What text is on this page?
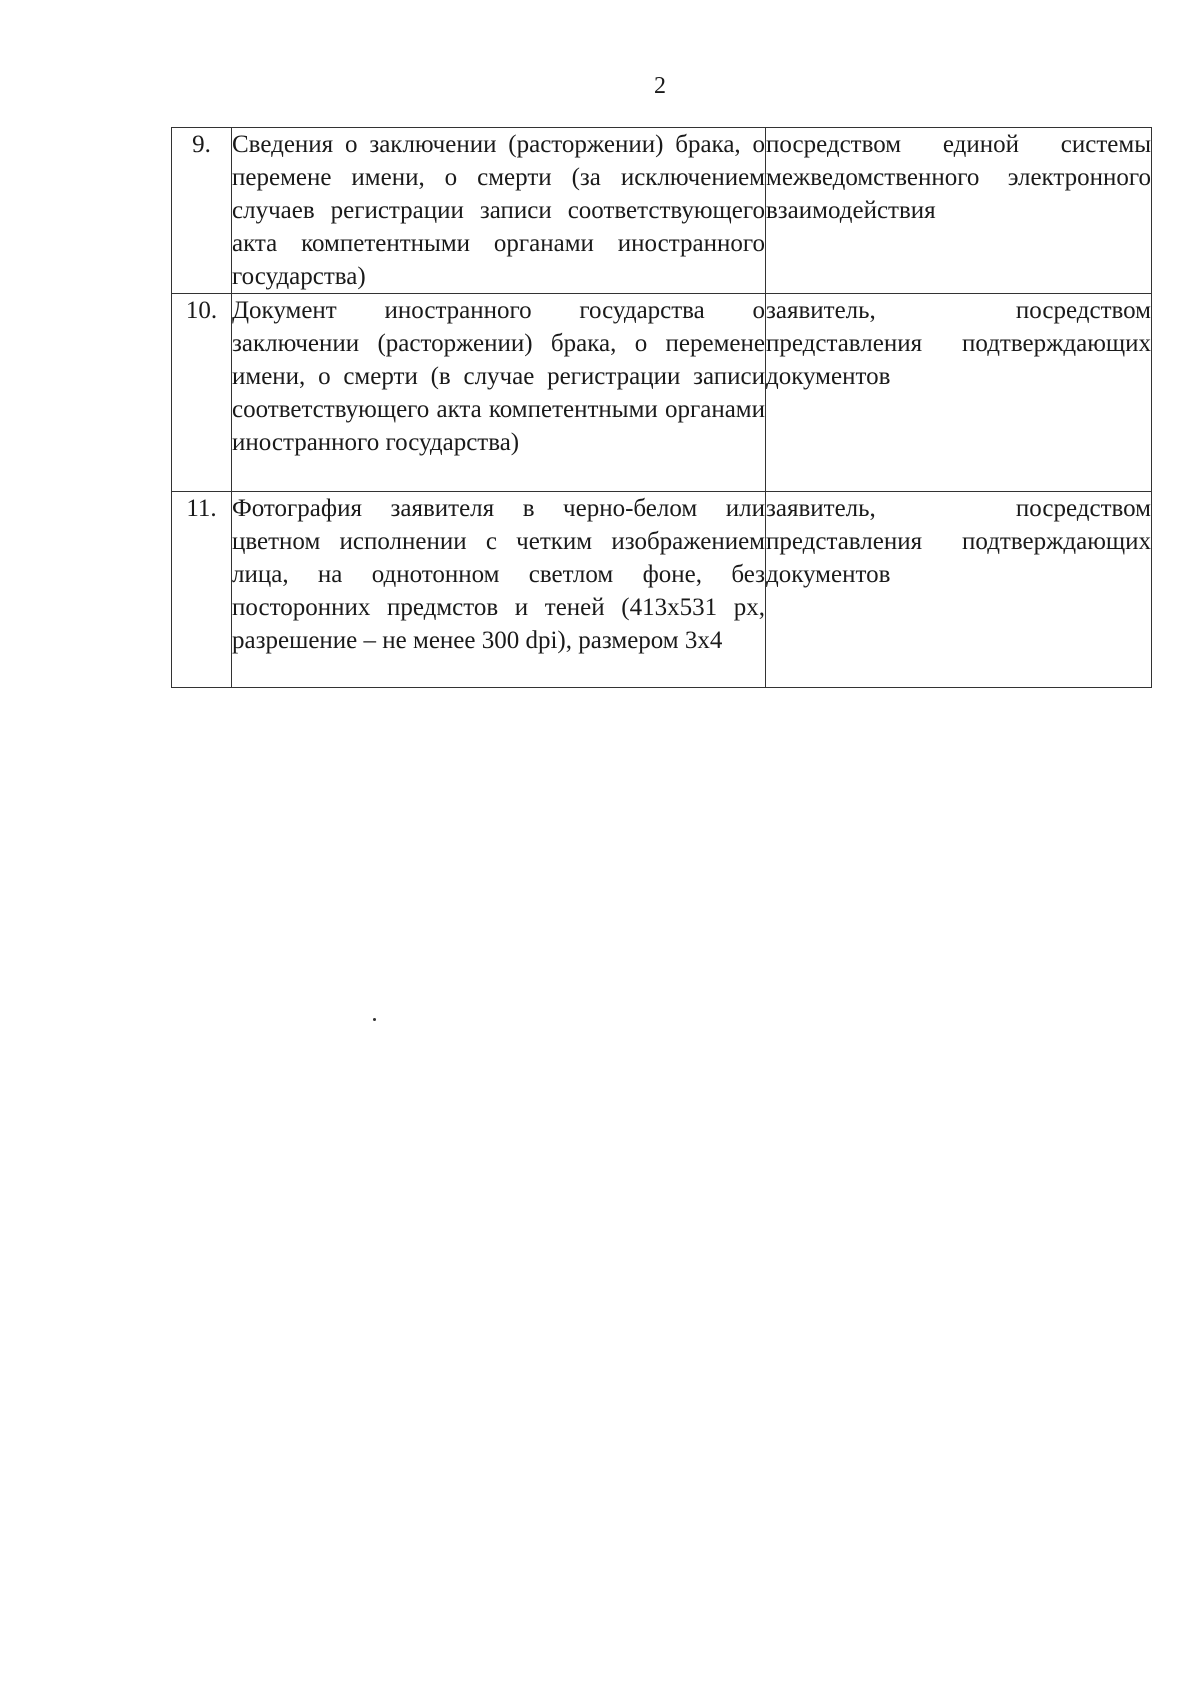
2
9.	Сведения о заключении (расторжении) брака, о перемене имени, о смерти (за исключением случаев регистрации записи соответствующего акта компетентными органами иностранного государства)	посредством единой системы межведомственного электронного взаимодействия
10.	Документ иностранного государства о заключении (расторжении) брака, о перемене имени, о смерти (в случае регистрации записи соответствующего акта компетентными органами иностранного государства)	заявитель, посредством представления подтверждающих документов
11.	Фотография заявителя в черно-белом или цветном исполнении с четким изображением лица, на однотонном светлом фоне, без посторонних предмстов и теней (413x531 px, разрешение – не менее 300 dpi), размером 3x4	заявитель, посредством представления подтверждающих документов
